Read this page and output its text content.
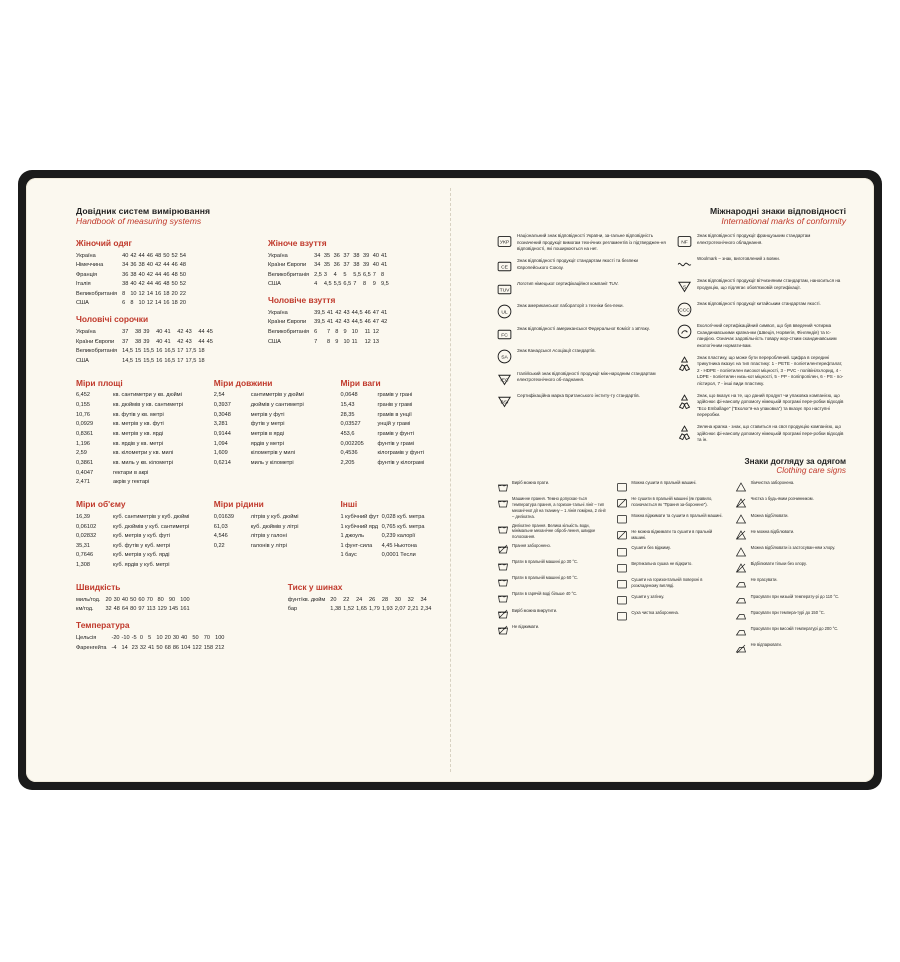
Довідник систем вимірювання
Handbook of measuring systems
Жіночий одяг
Україна	40	42	44	46	48	50	52	54
Німеччина	34	36	38	40	42	44	46	48
Франція	36	38	40	42	44	46	48	50
Італія	38	40	42	44	46	48	50	52
Великобританія	8	10	12	14	16	18	20	22
США	6	8	10	12	14	16	18	20
Чоловічі сорочки
Україна	37	38	39	40	41	42	43	44	45
Країни Європи	37	38	39	40	41	42	43	44	45
Великобританія	14,5	15	15,5	16	16,5	17	17,5	18	
США	14,5	15	15,5	16	16,5	17	17,5	18	
Жіноче взуття
Україна	34	35	36	37	38	39	40	41
Країни Європи	34	35	36	37	38	39	40	41
Великобританія	2,5	3	4	5	5,5	6,5	7	8
США	4	4,5	5,5	6,5	7	8	9	9,5
Чоловіче взуття
Україна	39,5	41	42	43	44,5	46	47	41
Країни Європи	39,5	41	42	43	44,5	46	47	42
Великобританія	6	7	8	9	10	11	12	
США	7	8	9	10	11	12	13	
Міри площі
6,452	кв. сантиметри у кв. дюймі
0,155	кв. дюймів у кв. сантиметрі
10,76	кв. футів у кв. метрі
0,0929	кв. метрів у кв. футі
0,8361	кв. метрів у кв. ярді
1,196	кв. ярдів у кв. метрі
2,59	кв. кілометри у кв. милі
0,3861	кв. миль у кв. кілометрі
0,4047	гектари в акрі
2,471	акрів у гектарі
Міри довжини
2,54	сантиметрів у дюймі
0,3937	дюймів у сантиметрі
0,3048	метрів у футі
3,281	футів у метрі
0,9144	метрів в ярді
1,094	ярдів у метрі
1,609	кілометрів у милі
0,6214	миль у кілометрі
Міри ваги
0,0648	грамів у грані
15,43	гранів у грамі
28,35	грамів в унції
0,03527	унцій у грамі
453,6	грамів у фунті
0,002205	фунтів у грамі
0,4536	кілограмів у фунті
2,205	фунтів у кілограмі
Міри об'єму
16,39	куб. сантиметрів у куб. дюймі
0,06102	куб. дюймів у куб. сантиметрі
0,02832	куб. метрів у куб. футі
35,31	куб. футів у куб. метрі
0,7646	куб. метрів у куб. ярді
1,308	куб. ярдів у куб. метрі
Міри рідини
0,01639	літрів у куб. дюймі
61,03	куб. дюймів у літрі
4,546	літрів у галоні
0,22	галонів у літрі
Інші
1 кубічний фут	0,028 куб. метра
1 кубічний ярд	0,765 куб. метра
1 джоуль	0,239 калорії
1 фунт-сила	4,45 Ньютона
1 баус	0,0001 Тесли
Швидкість
миль/год.	20	30	40	50	60	70	80	90	100
км/год.	32	48	64	80	97	113	129	145	161
Тиск у шинах
фунт/кв. дюйм	20	22	24	26	28	30	32	34
бар	1,38	1,52	1,65	1,79	1,93	2,07	2,21	2,34
Температура
Цельсія	-20	-10	-5	0	5	10	20	30	40	50	70	100
Фаренгейта	-4	14	23	32	41	50	68	86	104	122	158	212
Міжнародні знаки відповідності
International marks of conformity
УКР
Національний знак відповідності України, за-гальне відповідність позначений продукції вимогам технічних регламентів із підтверджен-ня відповідності, які поширюються на неї.
CE
Знак відповідності продукції стандартам якості та безпеки Європейського Союзу.
TUV
Логотип німецької сертифікаційної компанії TUV.
UL
Знак американської лабораторії з техніки без-пеки.
FC
Знак відповідності американської Федеральної Комісії з зв'язку.
SA
Знак Канадської Асоціації стандартів.
IEC
Італійський знак відповідності продукції між-народним стандартам електротехнічного об-ладнання.
BSI
Сертифікаційна марка Британського інститу-ту стандартів.
NF
Знак відповідності продукції французьким стандартам електротехнічного обладнання.
Woolmark – знак, виготовлений з вовни.
S
Знак відповідності продукції вітчизняним стандартам, наноситься на продукцію, що підлягає обов'язковій сертифікації.
CCC
Знак відповідності продукції китайським стандартам якості.
Екологічний сертифікаційний символ, що був введений чотирма Скандинавськими країна-ми (Швеція, Норвегія, Фінляндія) та Іс-ландією. Означає задовільність товару жор-стким скандинавським екологічним нормати-вам.
Знак пластику, що може бути перероблений. Цифра в середині трикутника вказує на тип пластику: 1 - PETE - поліетилентерефталат, 2 - HDPE - поліетилен високої міцності, 3 - PVC - полівінілхлорид, 4 - LDPE - поліетилен низь-кої міцності, 5 - PP - поліпропілен, 6 - PS - по-лістирол, 7 - інші види пластику.
Знак, що вказує на те, що даний продукт чи упаковка компанією, що здійснює фі-нансову допомогу німецькій програмі пере-робки відходів "Eco Emballage" ("Еколог'я-на упаковка") та вказує про наступні переробки.
Зелена крапка - знак, що ставиться на свої продукцію компанією, що здійснює фі-нансову допомогу німецькій програмі пере-робки відходів та ін.
Знаки догляду за одягом
Clothing care signs
Виріб можна прати.
Машинне прання. Темно допускає-ться температура прання, а горизон-тальні лінії – тип механічної дії на тканину – 1 лінія помірна, 2 лінії – делікатна.
Делікатне прання. Велика кількість води, мінімальне механічне оброб-лення, швидке полоскання.
Прання заборонено.
Прати в пральній машині до 30 °C.
Прати в пральній машині до 60 °C.
Прати в гарячій воді більше 40 °C.
Виріб можна викрутити.
Не віджимати.
Можна сушити в пральній машині.
Не сушити в пральній машині (як правило, позначається як "Прання за-боронене").
Можна віджимати та сушити в пральній машині.
Не можна віджимати та сушити в пральній машині.
Сушити без віджиму.
Вертикальна сушка не відкрито.
Сушити на горизонтальній поверхні в розкладеному вигляді.
Сушити у затінку.
Суха чистка заборонена.
Хімчистка заборонена.
Чистка з будь-яким розчинником.
Можна відбілювати.
Не можна відбілювати.
Можна відбілювати із застосуван-ням хлору.
Відбілювати тільки без хлору.
Не прасувати.
Прасувати при низькій температу-рі до 110 °C.
Прасувати при темпера-турі до 150 °C.
Прасувати при високій температурі до 200 °C.
Не відпарювати.
